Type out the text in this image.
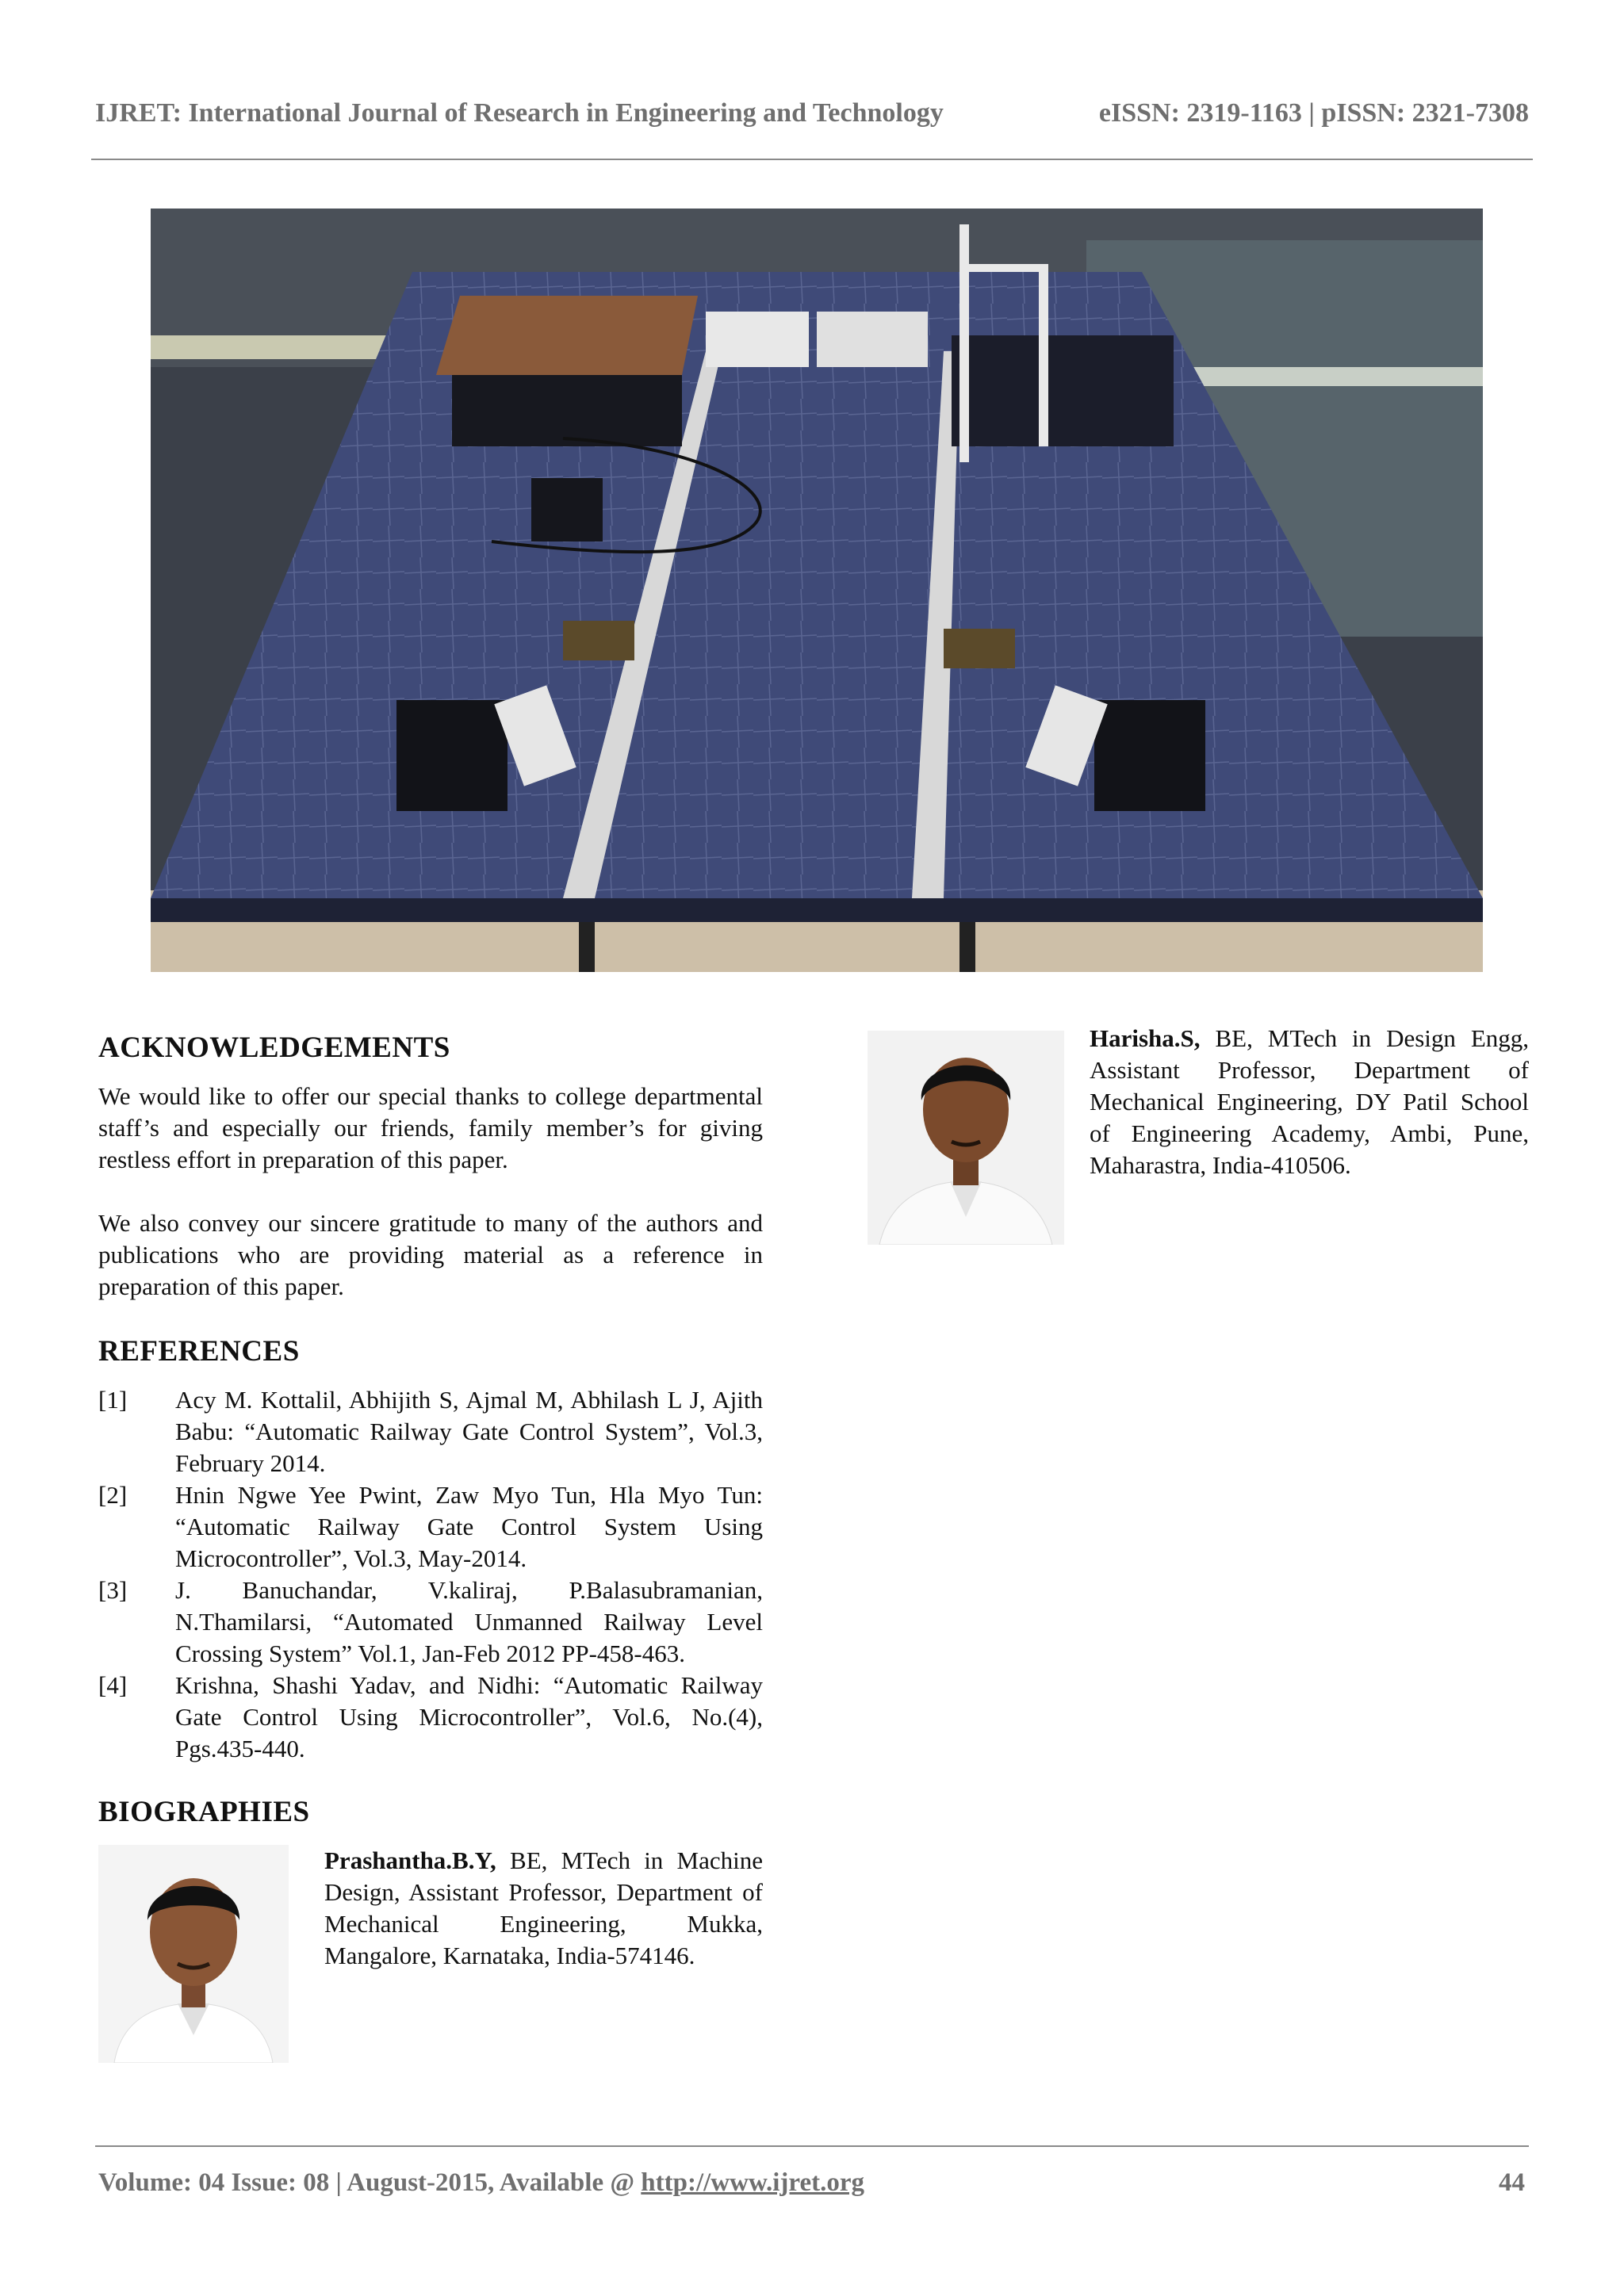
IJRET: International Journal of Research in Engineering and Technology	eISSN: 2319-1163 | pISSN: 2321-7308
ACKNOWLEDGEMENTS

We would like to offer our special thanks to college departmental staff’s and especially our friends, family member’s for giving restless effort in preparation of this paper.

We also convey our sincere gratitude to many of the authors and publications who are providing material as a reference in preparation of this paper.

REFERENCES
[1]	Acy M. Kottalil, Abhijith S, Ajmal M, Abhilash L J, Ajith Babu: “Automatic Railway Gate Control System”, Vol.3, February 2014.
[2]	Hnin Ngwe Yee Pwint, Zaw Myo Tun, Hla Myo Tun: “Automatic Railway Gate Control System Using Microcontroller”, Vol.3, May-2014.
[3]	J. Banuchandar, V.kaliraj, P.Balasubramanian, N.Thamilarsi, “Automated Unmanned Railway Level Crossing System” Vol.1, Jan-Feb 2012 PP-458-463.
[4]	Krishna, Shashi Yadav, and Nidhi: “Automatic Railway Gate Control Using Microcontroller”, Vol.6, No.(4), Pgs.435-440.
BIOGRAPHIES
Prashantha.B.Y, BE, MTech in Machine Design, Assistant Professor, Department of Mechanical Engineering, Mukka, Mangalore, Karnataka, India-574146.
Harisha.S, BE, MTech in Design Engg, Assistant Professor, Department of Mechanical Engineering, DY Patil School of Engineering Academy, Ambi, Pune, Maharastra, India-410506.
Volume: 04 Issue: 08 | August-2015, Available @ http://www.ijret.org	44
